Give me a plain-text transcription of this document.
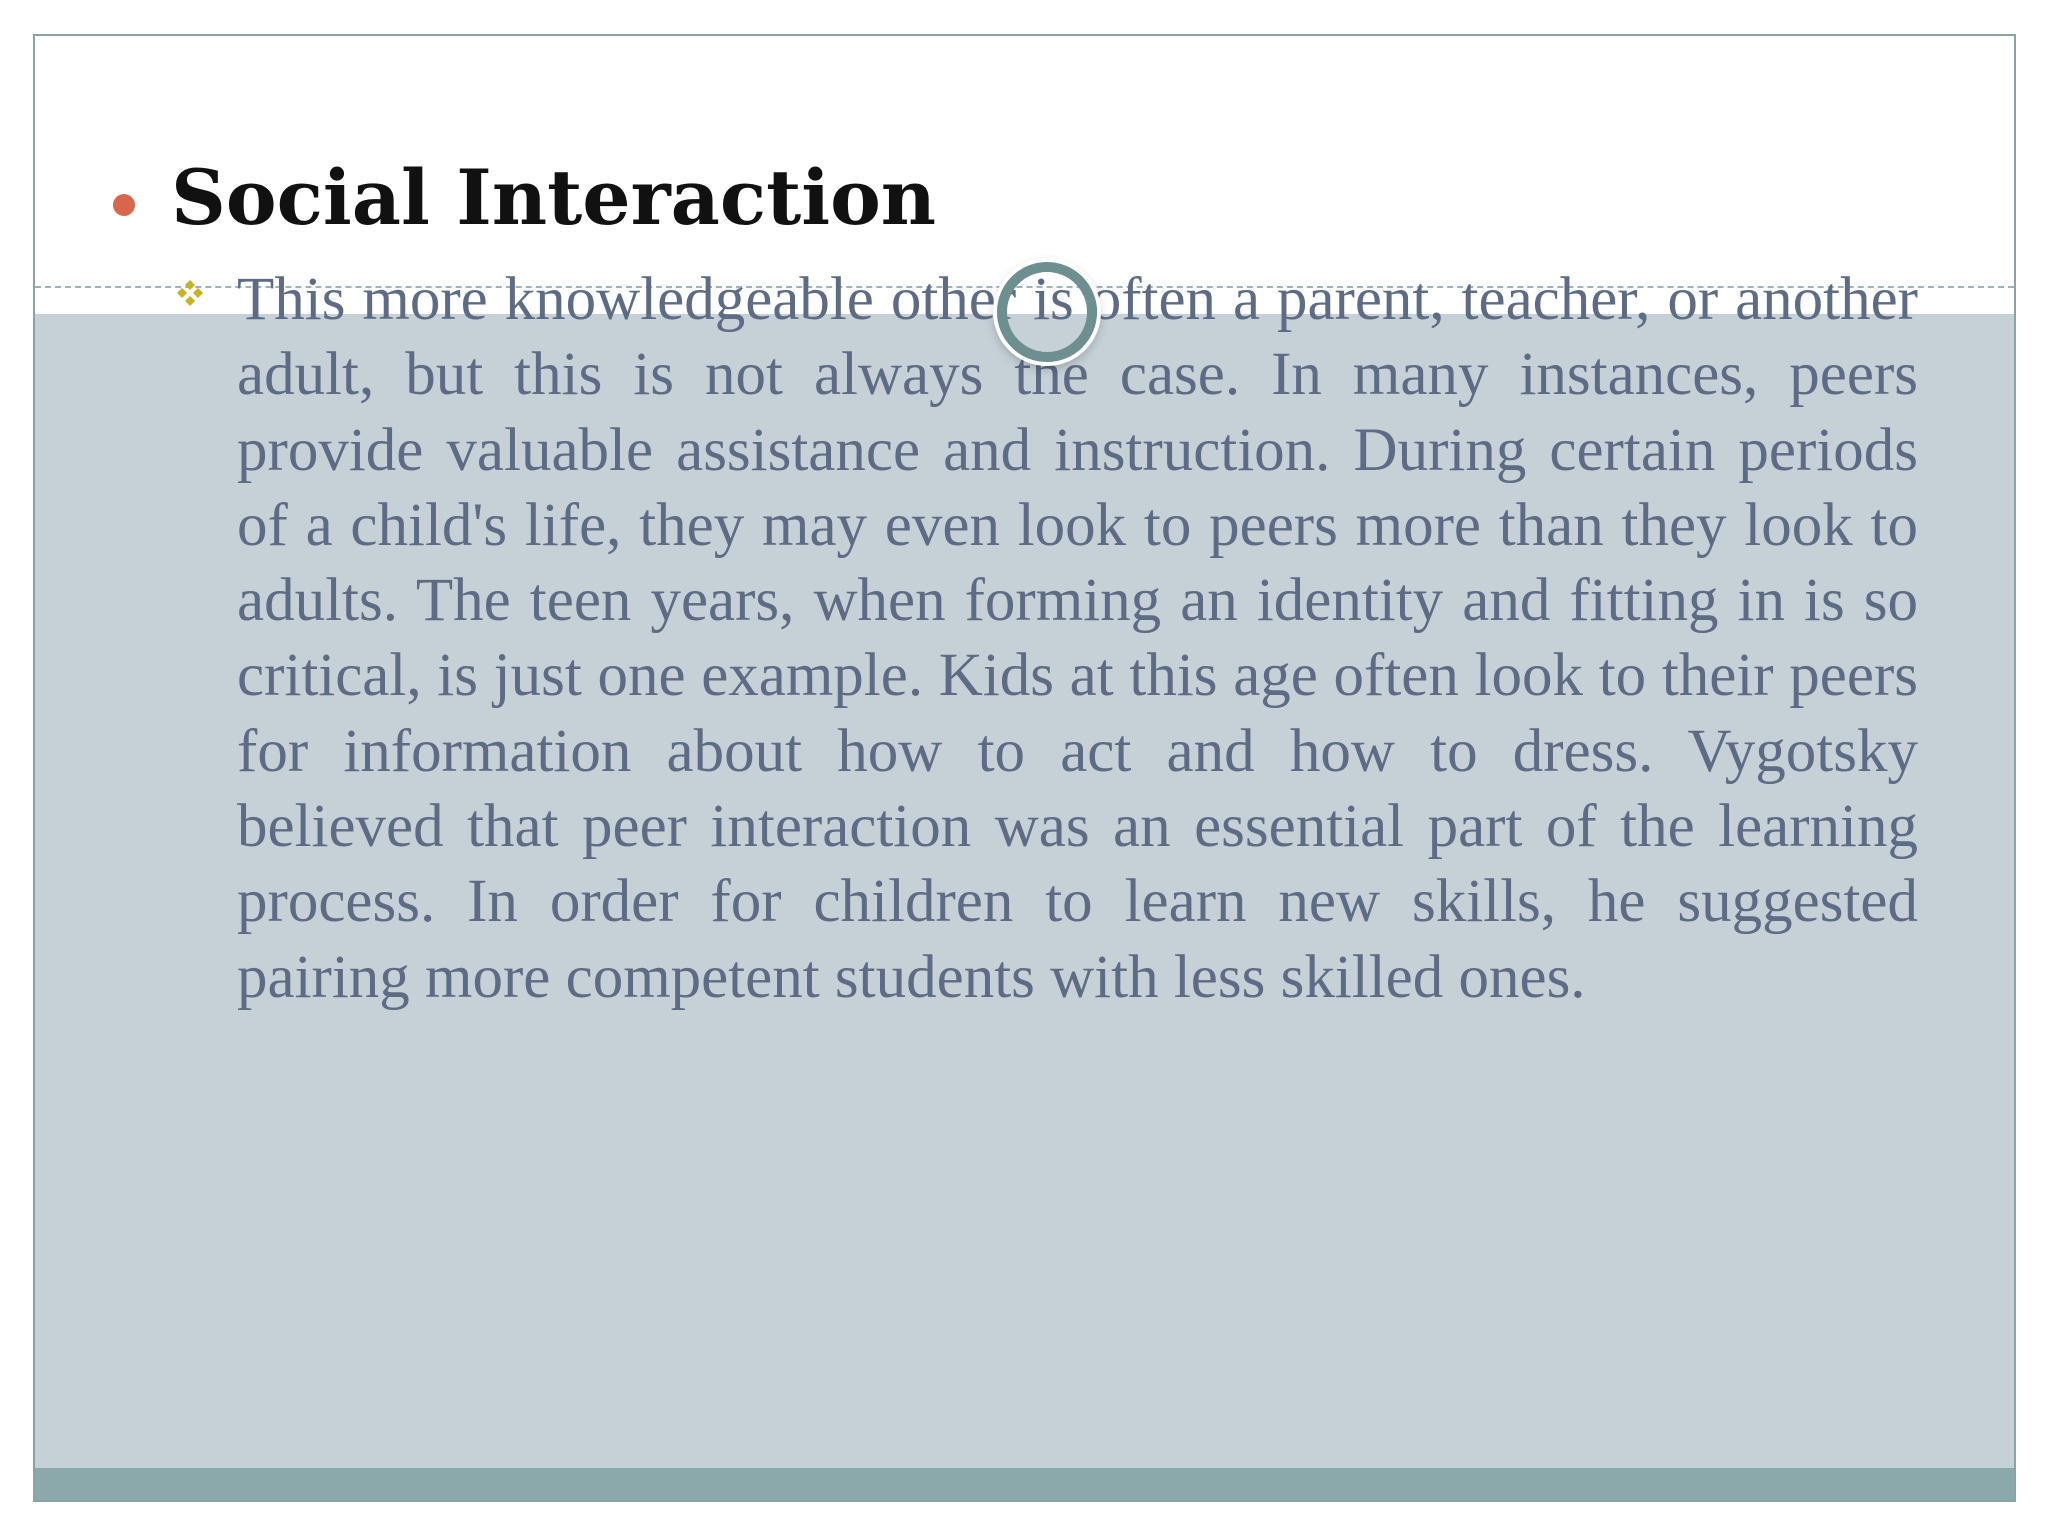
Social Interaction

This more knowledgeable other is often a parent, teacher, or another adult, but this is not always the case. In many instances, peers provide valuable assistance and instruction. During certain periods of a child's life, they may even look to peers more than they look to adults. The teen years, when forming an identity and fitting in is so critical, is just one example. Kids at this age often look to their peers for information about how to act and how to dress. Vygotsky believed that peer interaction was an essential part of the learning process. In order for children to learn new skills, he suggested pairing more competent students with less skilled ones.
